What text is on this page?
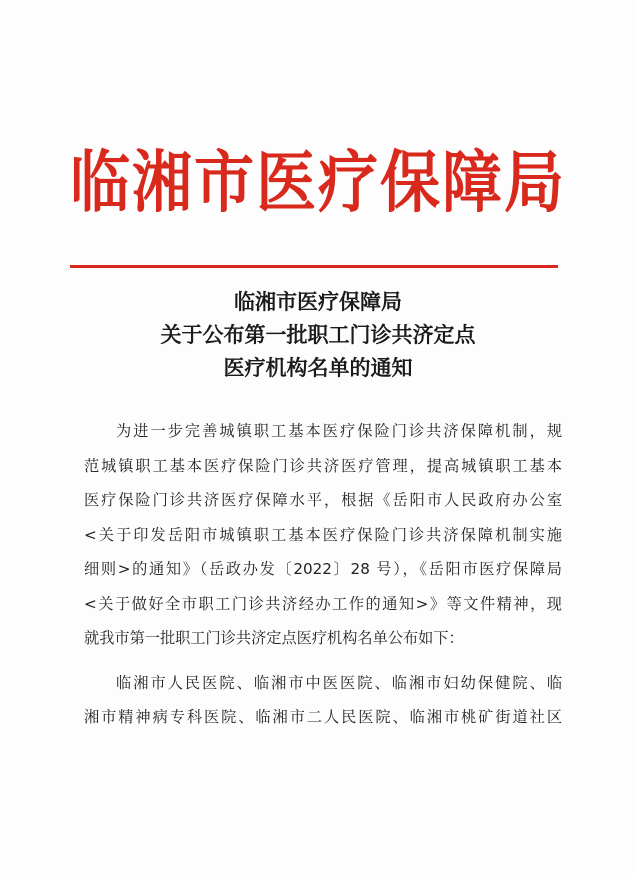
临湘市医疗保障局
临湘市医疗保障局
关于公布第一批职工门诊共济定点
医疗机构名单的通知
为进一步完善城镇职工基本医疗保险门诊共济保障机制，规
范城镇职工基本医疗保险门诊共济医疗管理，提高城镇职工基本
医疗保险门诊共济医疗保障水平，根据《岳阳市人民政府办公室
<关于印发岳阳市城镇职工基本医疗保险门诊共济保障机制实施
细则>的通知》（岳政办发〔2022〕28 号），《岳阳市医疗保障局
<关于做好全市职工门诊共济经办工作的通知>》等文件精神，现
就我市第一批职工门诊共济定点医疗机构名单公布如下：
临湘市人民医院、临湘市中医医院、临湘市妇幼保健院、临
湘市精神病专科医院、临湘市二人民医院、临湘市桃矿街道社区
